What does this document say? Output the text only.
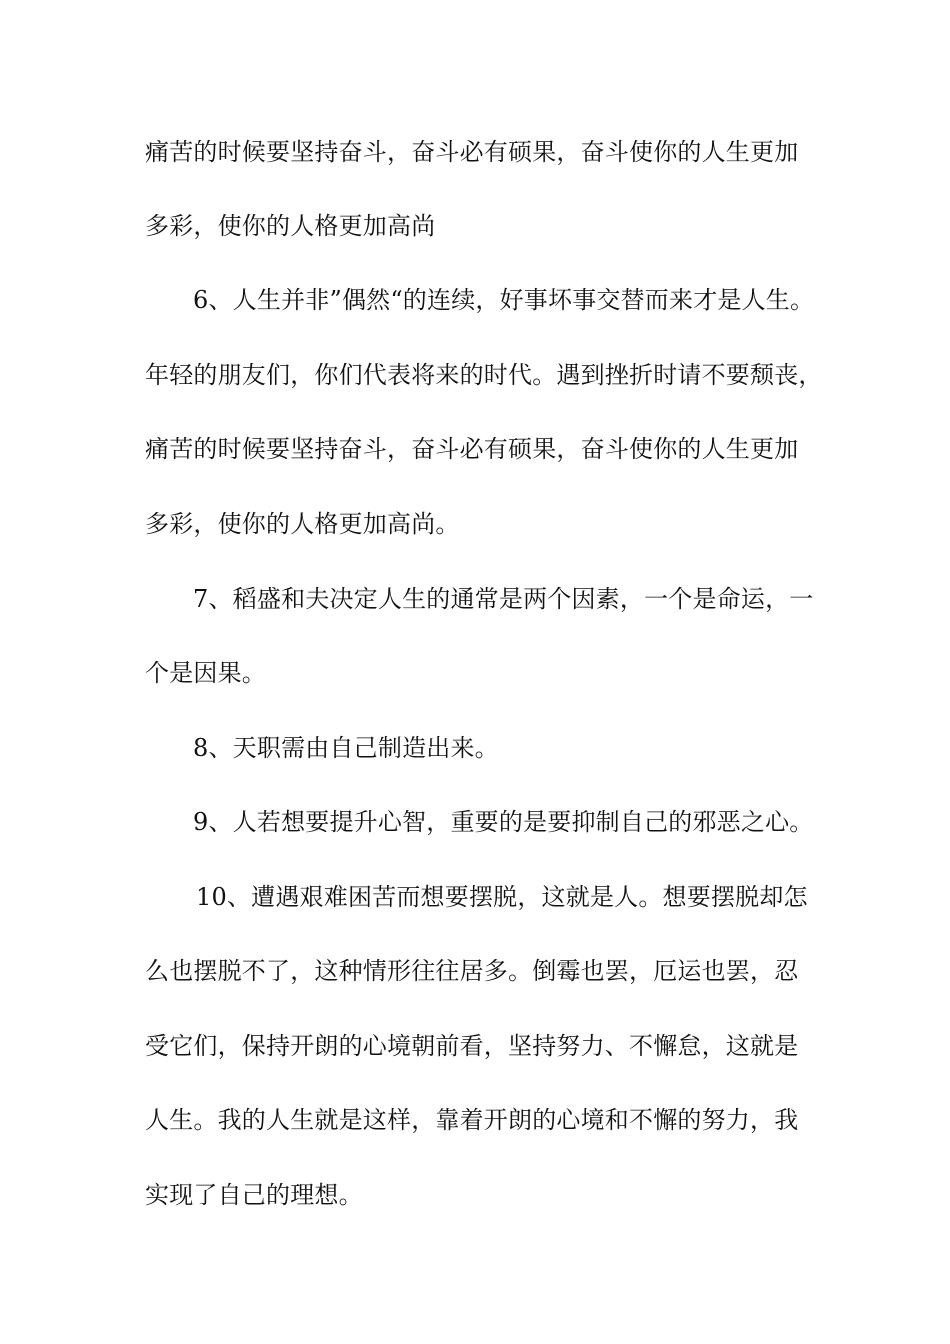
痛苦的时候要坚持奋斗，奋斗必有硕果，奋斗使你的人生更加
多彩，使你的人格更加高尚
6、人生并非”偶然“的连续，好事坏事交替而来才是人生。
年轻的朋友们，你们代表将来的时代。遇到挫折时请不要颓丧，
痛苦的时候要坚持奋斗，奋斗必有硕果，奋斗使你的人生更加
多彩，使你的人格更加高尚。
7、稻盛和夫决定人生的通常是两个因素，一个是命运，一
个是因果。
8、天职需由自己制造出来。
9、人若想要提升心智，重要的是要抑制自己的邪恶之心。
10、遭遇艰难困苦而想要摆脱，这就是人。想要摆脱却怎
么也摆脱不了，这种情形往往居多。倒霉也罢，厄运也罢，忍
受它们，保持开朗的心境朝前看，坚持努力、不懈怠，这就是
人生。我的人生就是这样，靠着开朗的心境和不懈的努力，我
实现了自己的理想。
